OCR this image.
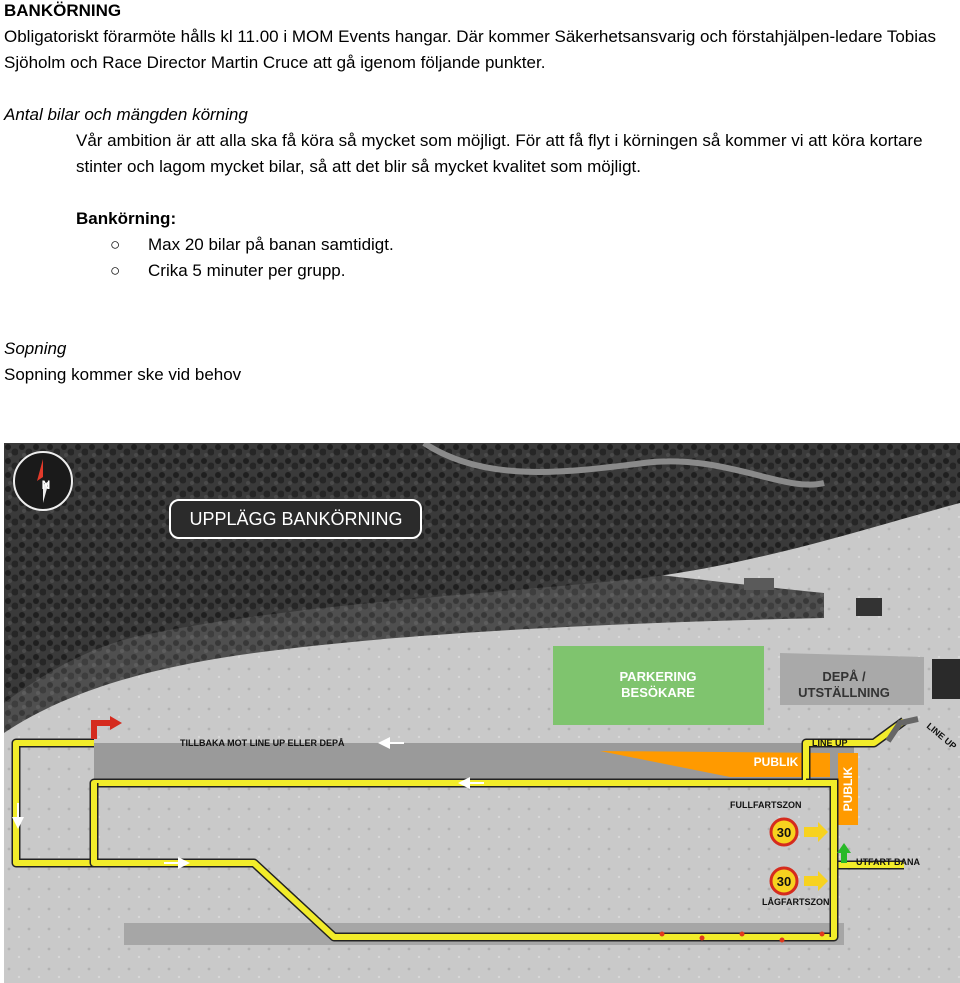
BANKÖRNING

Obligatoriskt förarmöte hålls kl 11.00 i MOM Events hangar. Där kommer Säkerhetsansvarig och förstahjälpen-ledare Tobias Sjöholm och Race Director Martin Cruce att gå igenom följande punkter.

Antal bilar och mängden körning

Vår ambition är att alla ska få köra så mycket som möjligt. För att få flyt i körningen så kommer vi att köra kortare stinter och lagom mycket bilar, så att det blir så mycket kvalitet som möjligt.

Bankörning:
○	Max 20 bilar på banan samtidigt.
○	Crika 5 minuter per grupp.
Sopning
Sopning kommer ske vid behov
PARKERING
BESÖKARE
DEPÅ /
UTSTÄLLNING
PUBLIK
PUBLIK
TILLBAKA MOT LINE UP ELLER DEPÅ	LINE UP	LINE UP
FULLFARTSZON
LÅGFARTSZON
UTFART BANA
30
30
N
UPPLÄGG BANKÖRNING
